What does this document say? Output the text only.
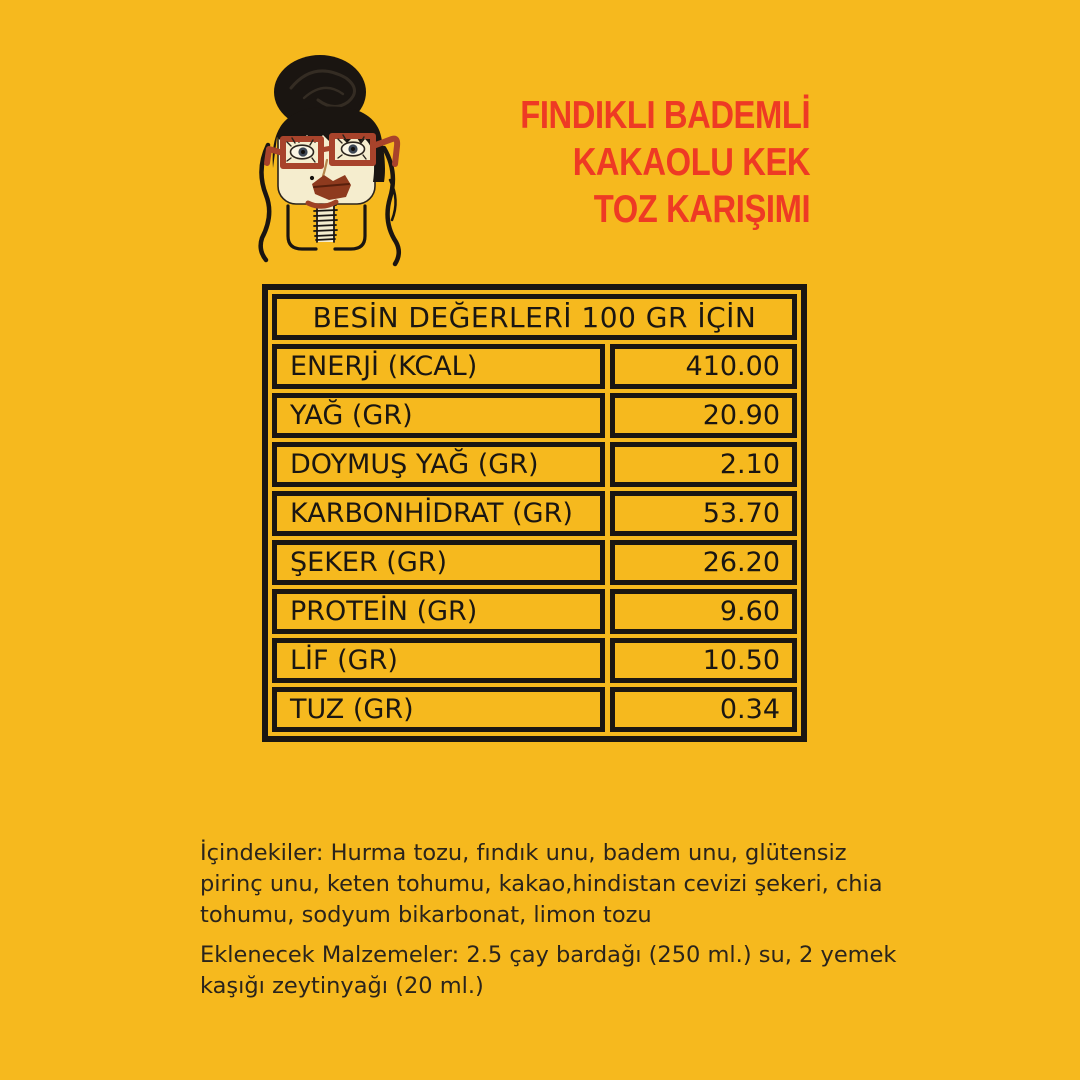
FINDIKLI BADEMLİ
KAKAOLU KEK
TOZ KARIŞIMI
BESİN DEĞERLERİ 100 GR İÇİN
ENERJİ (KCAL)	410.00
YAĞ (GR)	20.90
DOYMUŞ YAĞ (GR)	2.10
KARBONHİDRAT (GR)	53.70
ŞEKER (GR)	26.20
PROTEİN (GR)	9.60
LİF (GR)	10.50
TUZ (GR)	0.34

İçindekiler: Hurma tozu, fındık unu, badem unu, glütensiz pirinç unu, keten tohumu, kakao,hindistan cevizi şekeri, chia tohumu, sodyum bikarbonat, limon tozu

Eklenecek Malzemeler: 2.5 çay bardağı (250 ml.) su, 2 yemek kaşığı zeytinyağı (20 ml.)
